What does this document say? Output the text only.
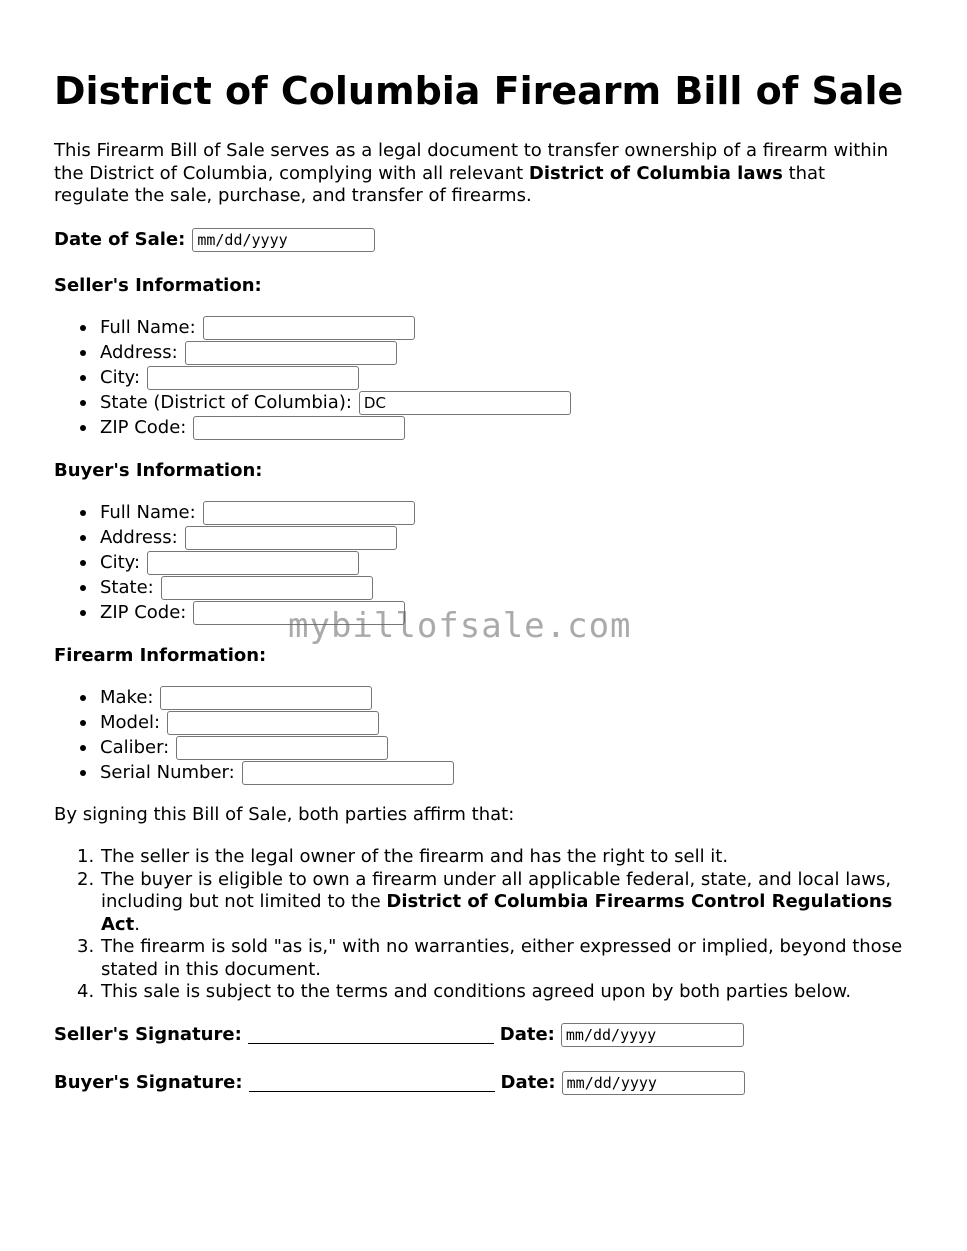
District of Columbia Firearm Bill of Sale

This Firearm Bill of Sale serves as a legal document to transfer ownership of a firearm within the District of Columbia, complying with all relevant District of Columbia laws that regulate the sale, purchase, and transfer of firearms.

Date of Sale: mm/dd/yyyy
Seller's Information:
Full Name:
Address:
City:
State (District of Columbia): DC
ZIP Code:
Buyer's Information:
Full Name:
Address:
City:
State:
ZIP Code:
Firearm Information:
Make:
Model:
Caliber:
Serial Number:

By signing this Bill of Sale, both parties affirm that:

1. The seller is the legal owner of the firearm and has the right to sell it.
2. The buyer is eligible to own a firearm under all applicable federal, state, and local laws, including but not limited to the District of Columbia Firearms Control Regulations Act.
3. The firearm is sold "as is," with no warranties, either expressed or implied, beyond those stated in this document.
4. This sale is subject to the terms and conditions agreed upon by both parties below.
Seller's Signature:	Date: mm/dd/yyyy
Buyer's Signature:	Date: mm/dd/yyyy
mybillofsale.com
